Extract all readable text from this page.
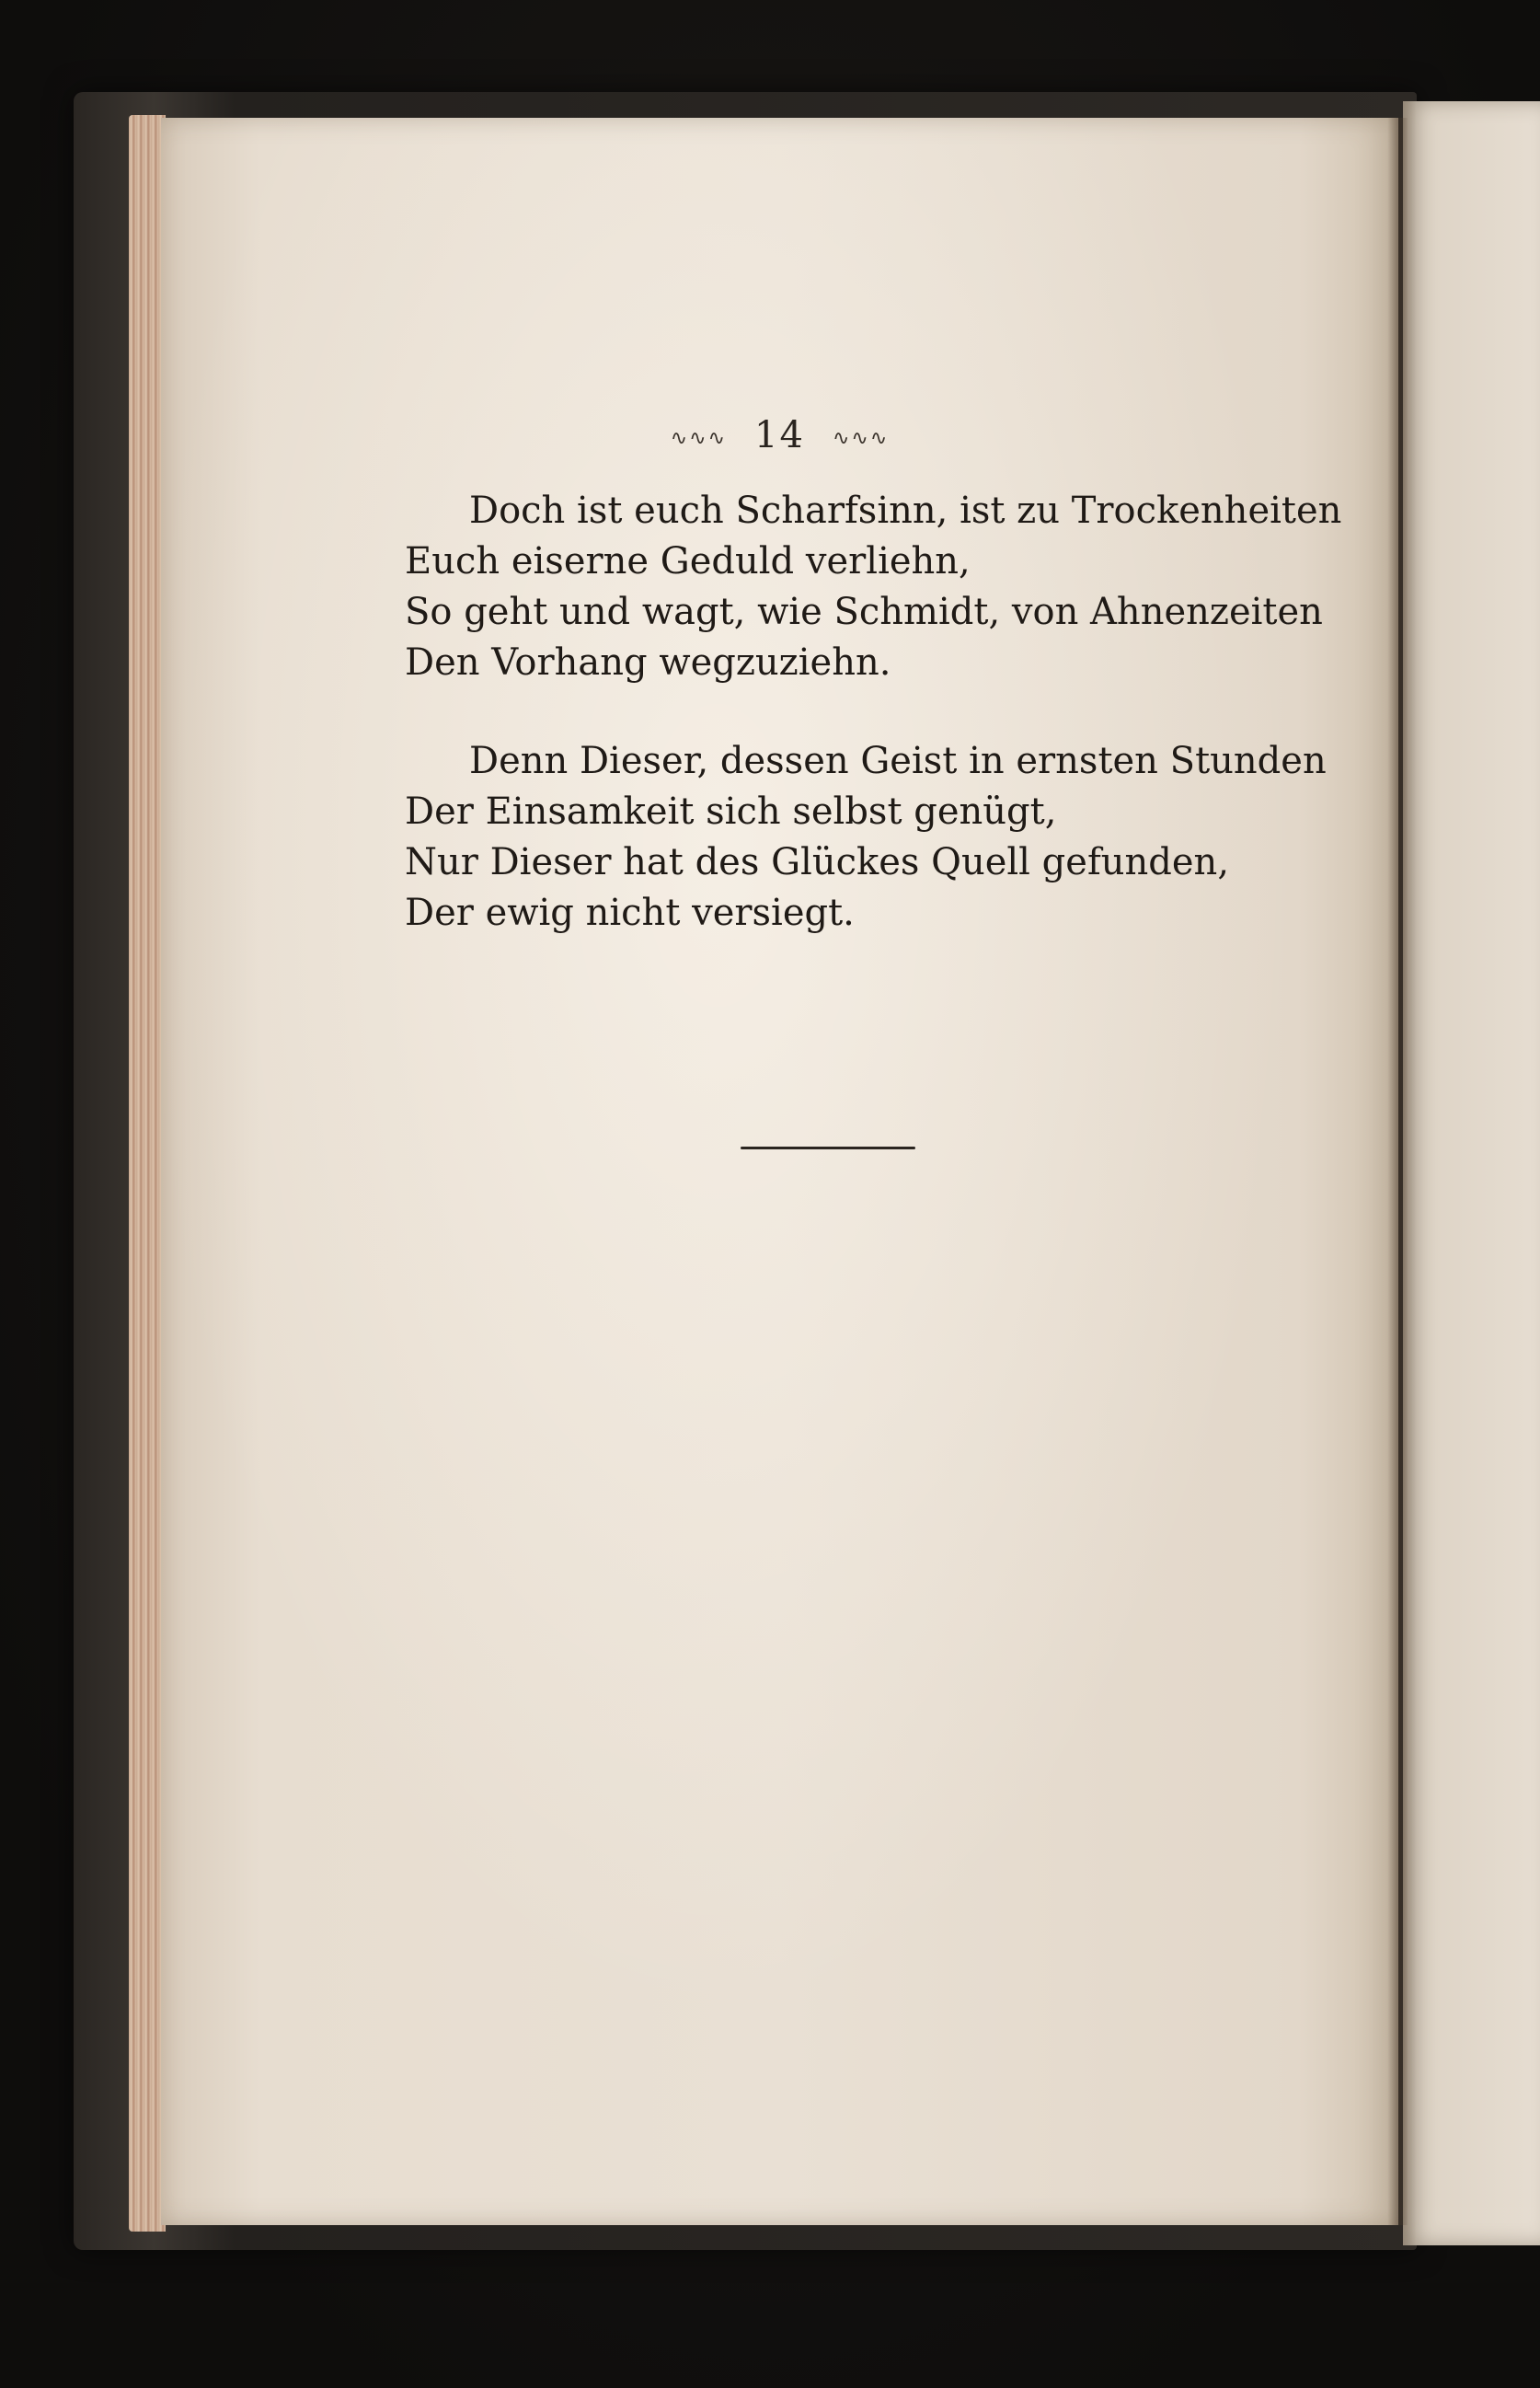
∿∿∿ 14 ∿∿∿
Doch ist euch Scharfsinn, ist zu Trockenheiten
Euch eiserne Geduld verliehn,
So geht und wagt, wie Schmidt, von Ahnenzeiten
Den Vorhang wegzuziehn.
Denn Dieser, dessen Geist in ernsten Stunden
Der Einsamkeit sich selbst genügt,
Nur Dieser hat des Glückes Quell gefunden,
Der ewig nicht versiegt.
